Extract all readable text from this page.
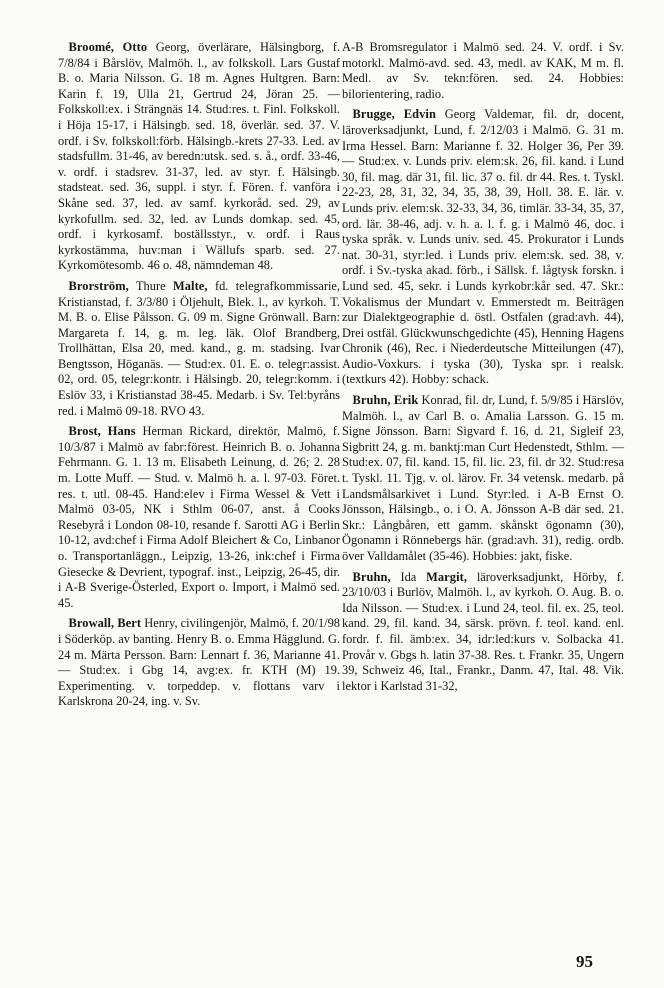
Broomé, Otto Georg, överlärare, Hälsingborg, f. 7/8/84 i Bårslöv, Malmöh. l., av folkskoll. Lars Gustaf B. o. Maria Nilsson. G. 18 m. Agnes Hultgren. Barn: Karin f. 19, Ulla 21, Gertrud 24, Jöran 25. — Folkskoll:ex. i Strängnäs 14. Stud:res. t. Finl. Folkskoll. i Höja 15-17, i Hälsingb. sed. 18, överlär. sed. 37. V. ordf. i Sv. folkskoll:förb. Hälsingb.-krets 27-33. Led. av stadsfullm. 31-46, av beredn:utsk. sed. s. å., ordf. 33-46, v. ordf. i stadsrev. 31-37, led. av styr. f. Hälsingb. stadsteat. sed. 36, suppl. i styr. f. Fören. f. vanföra i Skåne sed. 37, led. av samf. kyrkoråd. sed. 29, av kyrkofullm. sed. 32, led. av Lunds domkap. sed. 45, ordf. i kyrkosamf. boställsstyr., v. ordf. i Raus kyrkostämma, huv:man i Wällufs sparb. sed. 27. Kyrkomötesomb. 46 o. 48, nämndeman 48.

Brorström, Thure Malte, fd. telegrafkommissarie, Kristianstad, f. 3/3/80 i Öljehult, Blek. l., av kyrkoh. T. M. B. o. Elise Pålsson. G. 09 m. Signe Grönwall. Barn: Margareta f. 14, g. m. leg. läk. Olof Brandberg, Trollhättan, Elsa 20, med. kand., g. m. stadsing. Ivar Bengtsson, Höganäs. — Stud:ex. 01. E. o. telegr:assist. 02, ord. 05, telegr:kontr. i Hälsingb. 20, telegr:komm. i Eslöv 33, i Kristianstad 38-45. Medarb. i Sv. Tel:byråns red. i Malmö 09-18. RVO 43.

Brost, Hans Herman Rickard, direktör, Malmö, f. 10/3/87 i Malmö av fabr:förest. Heinrich B. o. Johanna Fehrmann. G. 1. 13 m. Elisabeth Leinung, d. 26; 2. 28 m. Lotte Muff. — Stud. v. Malmö h. a. l. 97-03. Föret. res. t. utl. 08-45. Hand:elev i Firma Wessel & Vett i Malmö 03-05, NK i Sthlm 06-07, anst. å Cooks Resebyrå i London 08-10, resande f. Sarotti AG i Berlin 10-12, avd:chef i Firma Adolf Bleichert & Co, Linbanor o. Transportanläggn., Leipzig, 13-26, ink:chef i Firma Giesecke & Devrient, typograf. inst., Leipzig, 26-45, dir. i A-B Sverige-Österled, Export o. Import, i Malmö sed. 45.

Browall, Bert Henry, civilingenjör, Malmö, f. 20/1/98 i Söderköp. av banting. Henry B. o. Emma Hägglund. G. 24 m. Märta Persson. Barn: Lennart f. 36, Marianne 41. — Stud:ex. i Gbg 14, avg:ex. fr. KTH (M) 19. Experimenting. v. torpeddep. v. flottans varv i Karlskrona 20-24, ing. v. Sv.

A-B Bromsregulator i Malmö sed. 24. V. ordf. i Sv. motorkl. Malmö-avd. sed. 43, medl. av KAK, M m. fl. Medl. av Sv. tekn:fören. sed. 24. Hobbies: bilorientering, radio.

Brugge, Edvin Georg Valdemar, fil. dr, docent, läroverksadjunkt, Lund, f. 2/12/03 i Malmö. G. 31 m. Irma Hessel. Barn: Marianne f. 32. Holger 36, Per 39. — Stud:ex. v. Lunds priv. elem:sk. 26, fil. kand. i Lund 30, fil. mag. där 31, fil. lic. 37 o. fil. dr 44. Res. t. Tyskl. 22-23, 28, 31, 32, 34, 35, 38, 39, Holl. 38. E. lär. v. Lunds priv. elem:sk. 32-33, 34, 36, timlär. 33-34, 35, 37, ord. lär. 38-46, adj. v. h. a. l. f. g. i Malmö 46, doc. i tyska språk. v. Lunds univ. sed. 45. Prokurator i Lunds nat. 30-31, styr:led. i Lunds priv. elem:sk. sed. 38, v. ordf. i Sv.-tyska akad. förb., i Sällsk. f. lågtysk forskn. i Lund sed. 45, sekr. i Lunds kyrkobr:kår sed. 47. Skr.: Vokalismus der Mundart v. Emmerstedt m. Beiträgen zur Dialektgeographie d. östl. Ostfalen (grad:avh. 44), Drei ostfäl. Glückwunschgedichte (45), Henning Hagens Chronik (46), Rec. i Niederdeutsche Mitteilungen (47), Audio-Voxkurs. i tyska (30), Tyska spr. i realsk. (textkurs 42). Hobby: schack.

Bruhn, Erik Konrad, fil. dr, Lund, f. 5/9/85 i Härslöv, Malmöh. l., av Carl B. o. Amalia Larsson. G. 15 m. Signe Jönsson. Barn: Sigvard f. 16, d. 21, Sigleif 23, Sigbritt 24, g. m. banktj:man Curt Hedenstedt, Sthlm. — Stud:ex. 07, fil. kand. 15, fil. lic. 23, fil. dr 32. Stud:resa t. Tyskl. 11. Tjg. v. ol. lärov. Fr. 34 vetensk. medarb. på Landsmålsarkivet i Lund. Styr:led. i A-B Ernst O. Jönsson, Hälsingb., o. i O. A. Jönsson A-B där sed. 21. Skr.: Långbåren, ett gamm. skånskt ögonamn (30), Ögonamn i Rönnebergs här. (grad:avh. 31), redig. ordb. över Valldamålet (35-46). Hobbies: jakt, fiske.

Bruhn, Ida Margit, läroverksadjunkt, Hörby, f. 23/10/03 i Burlöv, Malmöh. l., av kyrkoh. O. Aug. B. o. Ida Nilsson. — Stud:ex. i Lund 24, teol. fil. ex. 25, teol. kand. 29, fil. kand. 34, särsk. prövn. f. teol. kand. enl. fordr. f. fil. ämb:ex. 34, idr:led:kurs v. Solbacka 41. Provår v. Gbgs h. latin 37-38. Res. t. Frankr. 35, Ungern 39, Schweiz 46, Ital., Frankr., Danm. 47, Ital. 48. Vik. lektor i Karlstad 31-32,

95
